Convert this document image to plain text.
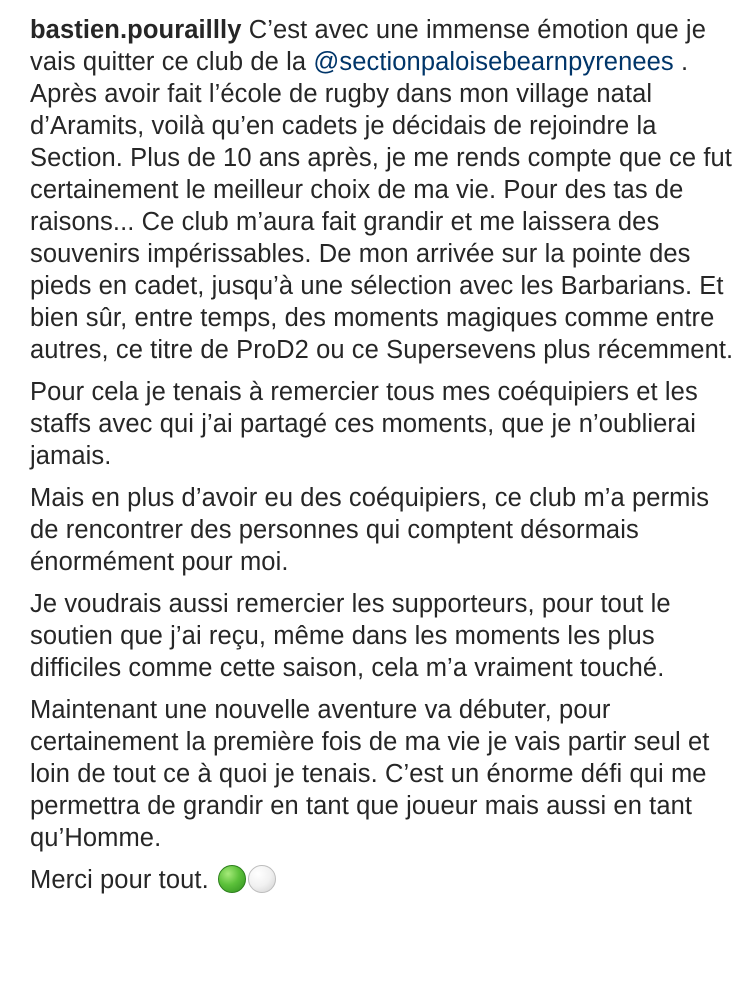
bastien.pouraillly C’est avec une immense émotion que je vais quitter ce club de la @sectionpaloisebearnpyrenees . Après avoir fait l’école de rugby dans mon village natal d’Aramits, voilà qu’en cadets je décidais de rejoindre la Section. Plus de 10 ans après, je me rends compte que ce fut certainement le meilleur choix de ma vie. Pour des tas de raisons... Ce club m’aura fait grandir et me laissera des souvenirs impérissables. De mon arrivée sur la pointe des pieds en cadet, jusqu’à une sélection avec les Barbarians. Et bien sûr, entre temps, des moments magiques comme entre autres, ce titre de ProD2 ou ce Supersevens plus récemment.

Pour cela je tenais à remercier tous mes coéquipiers et les staffs avec qui j’ai partagé ces moments, que je n’oublierai jamais.

Mais en plus d’avoir eu des coéquipiers, ce club m’a permis de rencontrer des personnes qui comptent désormais énormément pour moi.

Je voudrais aussi remercier les supporteurs, pour tout le soutien que j’ai reçu, même dans les moments les plus difficiles comme cette saison, cela m’a vraiment touché.

Maintenant une nouvelle aventure va débuter, pour certainement la première fois de ma vie je vais partir seul et loin de tout ce à quoi je tenais. C’est un énorme défi qui me permettra de grandir en tant que joueur mais aussi en tant qu’Homme.

Merci pour tout.
